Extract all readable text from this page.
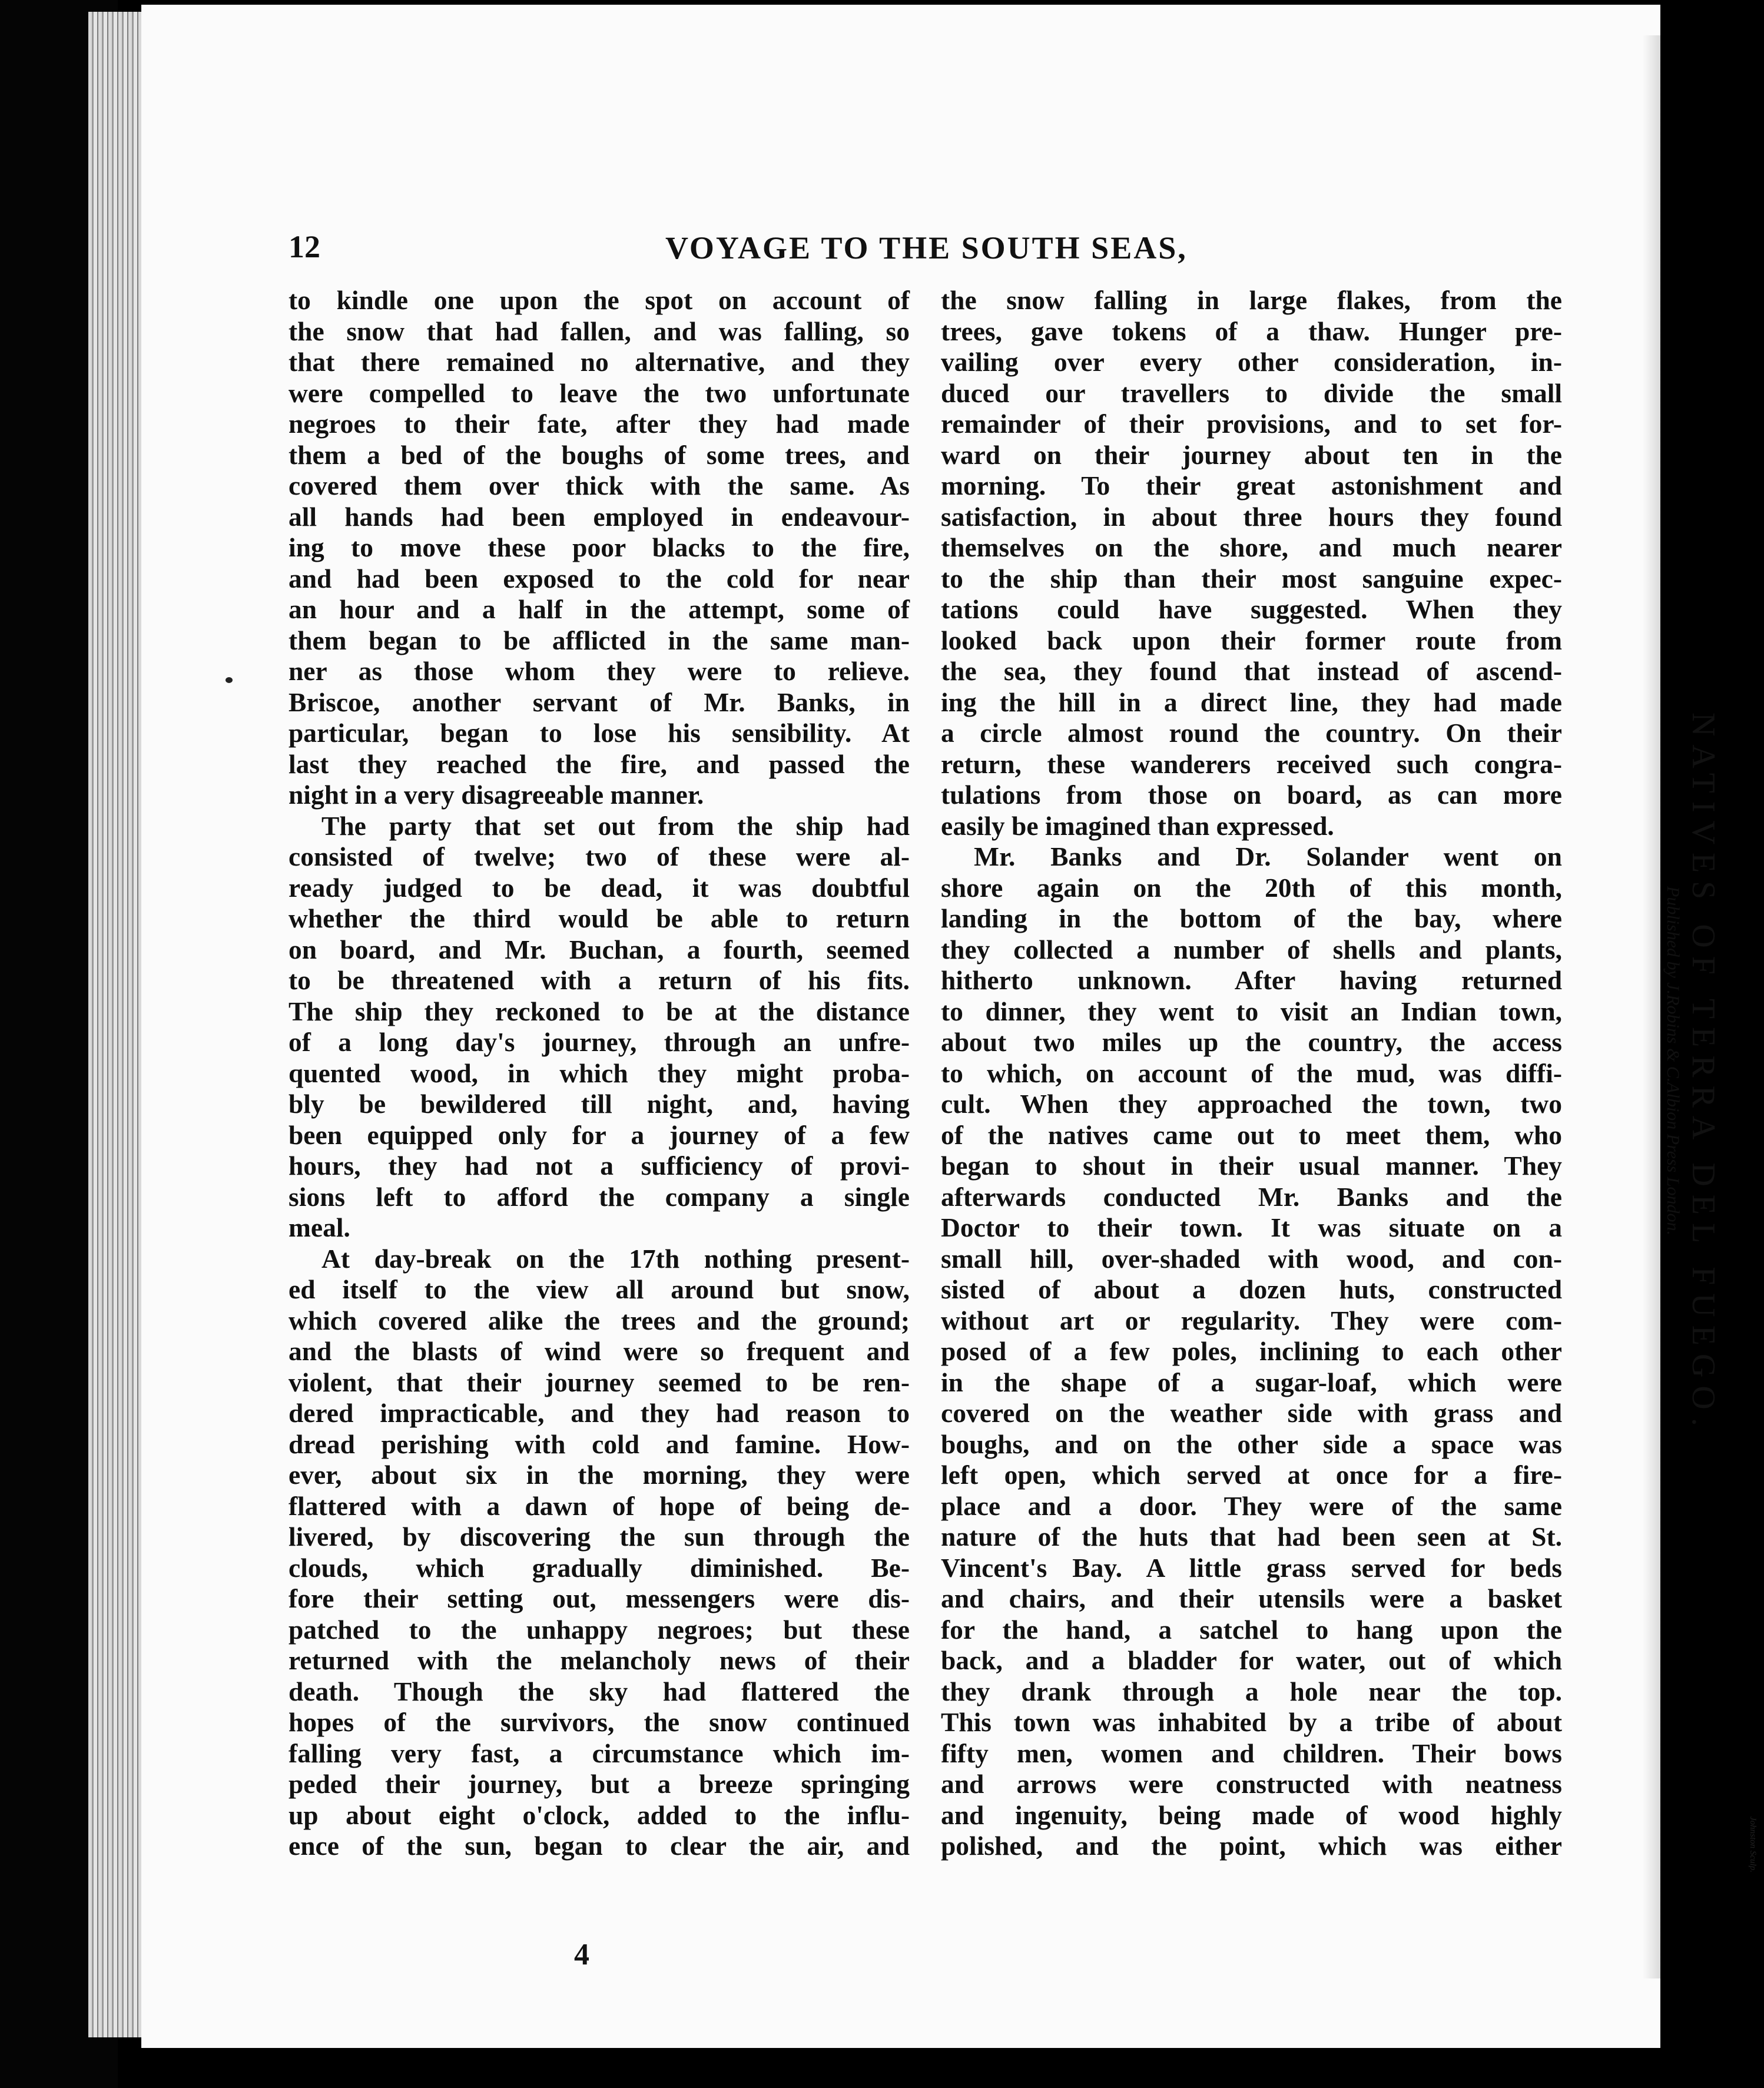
12	VOYAGE TO THE SOUTH SEAS,
to kindle one upon the spot on account of
the snow that had fallen, and was falling, so
that there remained no alternative, and they
were compelled to leave the two unfortunate
negroes to their fate, after they had made
them a bed of the boughs of some trees, and
covered them over thick with the same. As
all hands had been employed in endeavour-
ing to move these poor blacks to the fire,
and had been exposed to the cold for near
an hour and a half in the attempt, some of
them began to be afflicted in the same man-
ner as those whom they were to relieve.
Briscoe, another servant of Mr. Banks, in
particular, began to lose his sensibility. At
last they reached the fire, and passed the
night in a very disagreeable manner.
The party that set out from the ship had
consisted of twelve; two of these were al-
ready judged to be dead, it was doubtful
whether the third would be able to return
on board, and Mr. Buchan, a fourth, seemed
to be threatened with a return of his fits.
The ship they reckoned to be at the distance
of a long day's journey, through an unfre-
quented wood, in which they might proba-
bly be bewildered till night, and, having
been equipped only for a journey of a few
hours, they had not a sufficiency of provi-
sions left to afford the company a single
meal.
At day-break on the 17th nothing present-
ed itself to the view all around but snow,
which covered alike the trees and the ground;
and the blasts of wind were so frequent and
violent, that their journey seemed to be ren-
dered impracticable, and they had reason to
dread perishing with cold and famine. How-
ever, about six in the morning, they were
flattered with a dawn of hope of being de-
livered, by discovering the sun through the
clouds, which gradually diminished. Be-
fore their setting out, messengers were dis-
patched to the unhappy negroes; but these
returned with the melancholy news of their
death. Though the sky had flattered the
hopes of the survivors, the snow continued
falling very fast, a circumstance which im-
peded their journey, but a breeze springing
up about eight o'clock, added to the influ-
ence of the sun, began to clear the air, and
the snow falling in large flakes, from the
trees, gave tokens of a thaw. Hunger pre-
vailing over every other consideration, in-
duced our travellers to divide the small
remainder of their provisions, and to set for-
ward on their journey about ten in the
morning. To their great astonishment and
satisfaction, in about three hours they found
themselves on the shore, and much nearer
to the ship than their most sanguine expec-
tations could have suggested. When they
looked back upon their former route from
the sea, they found that instead of ascend-
ing the hill in a direct line, they had made
a circle almost round the country. On their
return, these wanderers received such congra-
tulations from those on board, as can more
easily be imagined than expressed.
Mr. Banks and Dr. Solander went on
shore again on the 20th of this month,
landing in the bottom of the bay, where
they collected a number of shells and plants,
hitherto unknown. After having returned
to dinner, they went to visit an Indian town,
about two miles up the country, the access
to which, on account of the mud, was diffi-
cult. When they approached the town, two
of the natives came out to meet them, who
began to shout in their usual manner. They
afterwards conducted Mr. Banks and the
Doctor to their town. It was situate on a
small hill, over-shaded with wood, and con-
sisted of about a dozen huts, constructed
without art or regularity. They were com-
posed of a few poles, inclining to each other
in the shape of a sugar-loaf, which were
covered on the weather side with grass and
boughs, and on the other side a space was
left open, which served at once for a fire-
place and a door. They were of the same
nature of the huts that had been seen at St.
Vincent's Bay. A little grass served for beds
and chairs, and their utensils were a basket
for the hand, a satchel to hang upon the
back, and a bladder for water, out of which
they drank through a hole near the top.
This town was inhabited by a tribe of about
fifty men, women and children. Their bows
and arrows were constructed with neatness
and ingenuity, being made of wood highly
polished, and the point, which was either
4
NATIVES OF TERRA DEL FUEGO.
Published by J.Robins & C.Albion Press London.
Johnston Sculp.
